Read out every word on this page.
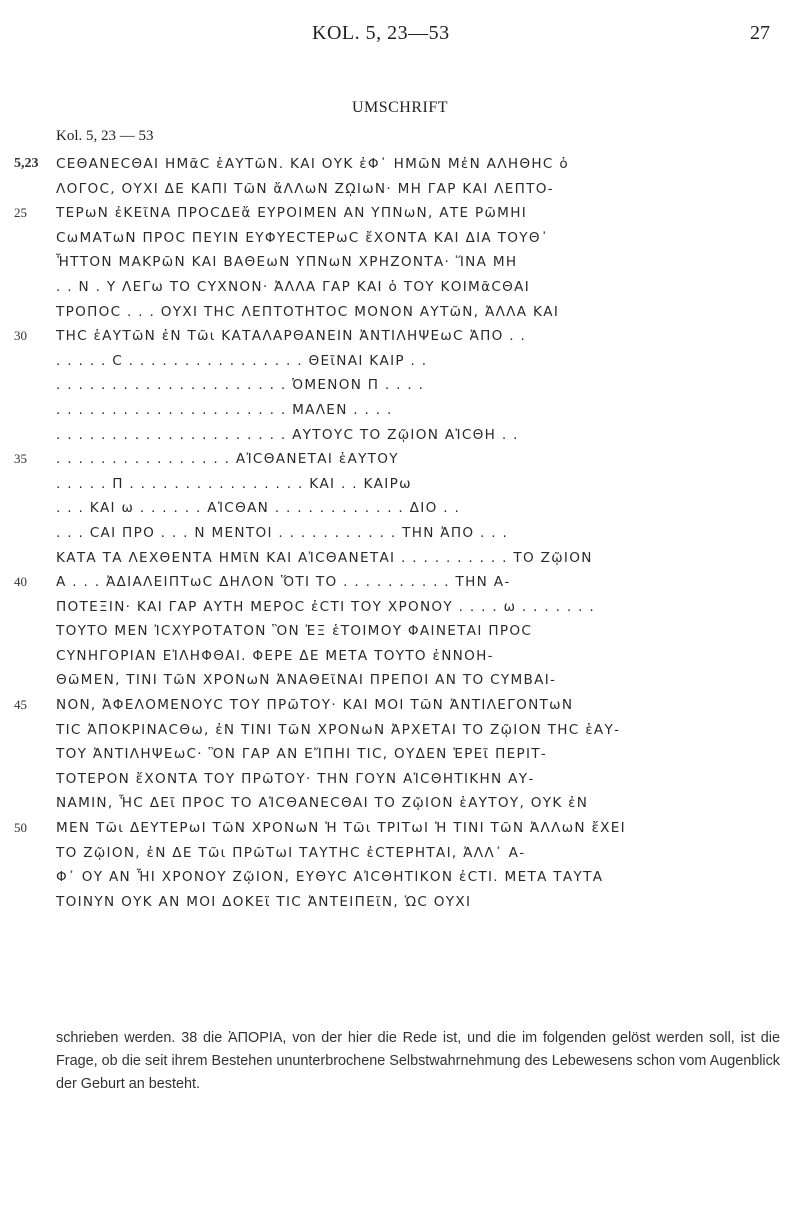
KOL. 5, 23—53	27
UMSCHRIFT
Kol. 5, 23 — 53
5,23	ϹΕΘΑΝΕϹΘΑΙ ΗΜᾶϹ ἑΑΥΤῶΝ. ΚΑΙ ΟΥΚ ἐΦ᾿ ΗΜῶΝ ΜἐΝ ΑΛΗΘΗϹ ὁ
ΛΟΓΟϹ, ΟΥΧΙ ΔΕ ΚΑΠΙ ΤῶΝ ἄΛΛωΝ ΖῼΙωΝ· ΜΗ ΓΑΡ ΚΑΙ ΛΕΠΤΟ-
25	ΤΕΡωΝ ἐΚΕῖΝΑ ΠΡΟϹΔΕἄ ΕΥΡΟΙΜΕΝ ΑΝ ΥΠΝωΝ, ΑΤΕ ΡῶΜΗΙ
ϹωΜΑΤωΝ ΠΡΟϹ ΠΕΥΙΝ ΕΥΦΥΕϹΤΕΡωϹ ἔΧΟΝΤΑ ΚΑΙ ΔΙΑ ΤΟΥΘ᾿
ἯΤΤΟΝ ΜΑΚΡῶΝ ΚΑΙ ΒΑΘΕωΝ ΥΠΝωΝ ΧΡΗΖΟΝΤΑ· ἽΝΑ ΜΗ
. . Ν . Υ ΛΕΓω ΤΟ ϹΥΧΝΟΝ· ἈΛΛΑ ΓΑΡ ΚΑΙ ὁ ΤΟΥ ΚΟΙΜᾶϹΘΑΙ
ΤΡΟΠΟϹ . . . ΟΥΧΙ ΤΗϹ ΛΕΠΤΟΤΗΤΟϹ ΜΟΝΟΝ ΑΥΤῶΝ, ἈΛΛΑ ΚΑΙ
30	ΤΗϹ ἑΑΥΤῶΝ ἐΝ Τῶι ΚΑΤΑΛΑΡΘΑΝΕΙΝ ἈΝΤΙΛΗΨΕωϹ ἈΠΟ . .
. . . . . Ϲ . . . . . . . . . . . . . . . . ΘΕῖΝΑΙ ΚΑΙΡ . .
. . . . . . . . . . . . . . . . . . . . . ὈΜΕΝΟΝ Π . . . .
. . . . . . . . . . . . . . . . . . . . . ΜΑΛΕΝ . . . .
. . . . . . . . . . . . . . . . . . . . . ΑΥΤΟΥϹ ΤΟ ΖῷΙΟΝ ΑἸϹΘΗ . .
35	. . . . . . . . . . . . . . . . ΑἸϹΘΑΝΕΤΑΙ ἑΑΥΤΟΥ
. . . . . Π . . . . . . . . . . . . . . . . ΚΑΙ . . ΚΑΙΡω
. . . ΚΑΙ ω . . . . . . ΑἸϹΘΑΝ . . . . . . . . . . . . ΔΙΟ . .
. . . ϹΑΙ ΠΡΟ . . . Ν ΜΕΝΤΟΙ . . . . . . . . . . . ΤΗΝ ἈΠΟ . . .
ΚΑΤΑ ΤΑ ΛΕΧΘΕΝΤΑ ΗΜῖΝ ΚΑΙ ΑἸϹΘΑΝΕΤΑΙ . . . . . . . . . . ΤΟ ΖῷΙΟΝ
40	Α . . . ἈΔΙΑΛΕΙΠΤωϹ ΔΗΛΟΝ ὍΤΙ ΤΟ . . . . . . . . . . ΤΗΝ Α-
ΠΟΤΕΞΙΝ· ΚΑΙ ΓΑΡ ΑΥΤΗ ΜΕΡΟϹ ἐϹΤΙ ΤΟΥ ΧΡΟΝΟΥ . . . . ω . . . . . . .
ΤΟΥΤΟ ΜΕΝ ἸϹΧΥΡΟΤΑΤΟΝ ὋΝ ἘΞ ἑΤΟΙΜΟΥ ΦΑΙΝΕΤΑΙ ΠΡΟϹ
ϹΥΝΗΓΟΡΙΑΝ ΕἸΛΗΦΘΑΙ. ΦΕΡΕ ΔΕ ΜΕΤΑ ΤΟΥΤΟ ἐΝΝΟΗ-
ΘῶΜΕΝ, ΤΙΝΙ ΤῶΝ ΧΡΟΝωΝ ἈΝΑΘΕῖΝΑΙ ΠΡΕΠΟΙ ΑΝ ΤΟ ϹΥΜΒΑΙ-
45	ΝΟΝ, ἈΦΕΛΟΜΕΝΟΥϹ ΤΟΥ ΠΡῶΤΟΥ· ΚΑΙ ΜΟΙ ΤῶΝ ἈΝΤΙΛΕΓΟΝΤωΝ
ΤΙϹ ἈΠΟΚΡΙΝΑϹΘω, ἐΝ ΤΙΝΙ ΤῶΝ ΧΡΟΝωΝ ἈΡΧΕΤΑΙ ΤΟ ΖῷΙΟΝ ΤΗϹ ἑΑΥ-
ΤΟΥ ἈΝΤΙΛΗΨΕωϹ· ὋΝ ΓΑΡ ΑΝ ΕἼΠΗΙ ΤΙϹ, ΟΥΔΕΝ ἘΡΕῖ ΠΕΡΙΤ-
ΤΟΤΕΡΟΝ ἔΧΟΝΤΑ ΤΟΥ ΠΡῶΤΟΥ· ΤΗΝ ΓΟΥΝ ΑἸϹΘΗΤΙΚΗΝ ΑΥ-
ΝΑΜΙΝ, ἯϹ ΔΕῖ ΠΡΟϹ ΤΟ ΑἸϹΘΑΝΕϹΘΑΙ ΤΟ ΖῷΙΟΝ ἑΑΥΤΟΥ, ΟΥΚ ἐΝ
50	ΜΕΝ Τῶι ΔΕΥΤΕΡωΙ ΤῶΝ ΧΡΟΝωΝ Ἡ Τῶι ΤΡΙΤωΙ Ἡ ΤΙΝΙ ΤῶΝ ἈΛΛωΝ ἔΧΕΙ
ΤΟ ΖῷΙΟΝ, ἐΝ ΔΕ Τῶι ΠΡῶΤωΙ ΤΑΥΤΗϹ ἐϹΤΕΡΗΤΑΙ, ἈΛΛ᾿ Α-
Φ᾿ ΟΥ ΑΝ ἯΙ ΧΡΟΝΟΥ ΖῷΙΟΝ, ΕΥΘΥϹ ΑἸϹΘΗΤΙΚΟΝ ἐϹΤΙ. ΜΕΤΑ ΤΑΥΤΑ
ΤΟΙΝΥΝ ΟΥΚ ΑΝ ΜΟΙ ΔΟΚΕῖ ΤΙϹ ἈΝΤΕΙΠΕῖΝ, ὩϹ ΟΥΧΙ
schrieben werden. 38 die ἈΠΟΡΙΑ, von der hier die Rede ist, und die im folgenden gelöst werden soll, ist die Frage, ob die seit ihrem Bestehen ununterbrochene Selbstwahrnehmung des Lebewesens schon vom Augenblick der Geburt an besteht.
